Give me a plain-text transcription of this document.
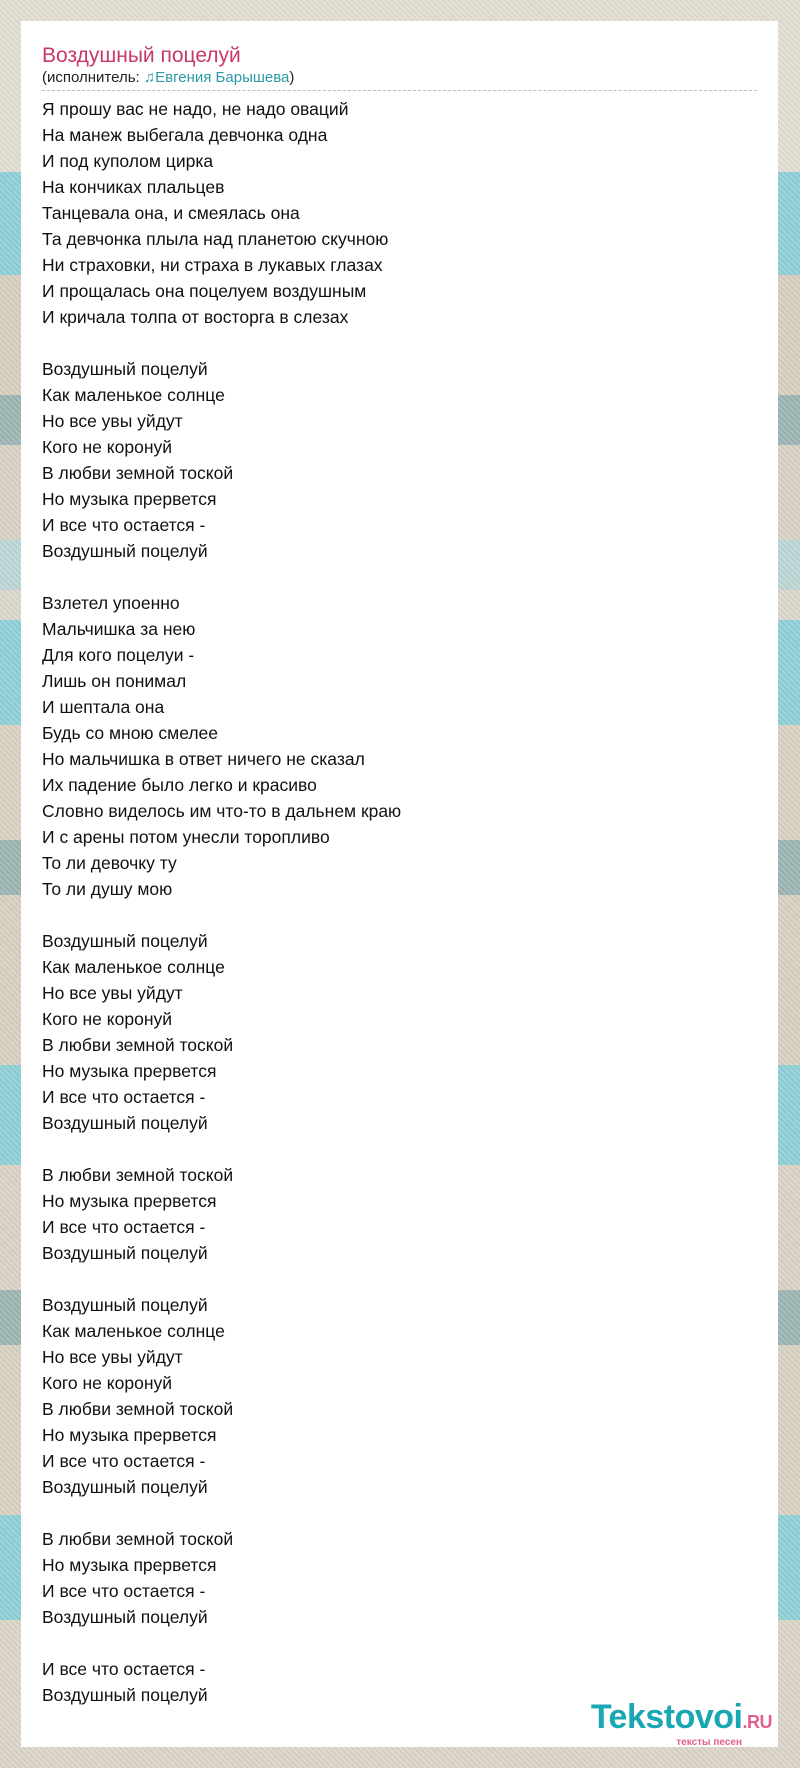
Воздушный поцелуй
(исполнитель: ♫Евгения Барышева)
Я прошу вас не надо, не надо оваций
На манеж выбегала девчонка одна
И под куполом цирка
На кончиках плальцев
Танцевала она, и смеялась она
Та девчонка плыла над планетою скучною
Ни страховки, ни страха в лукавых глазах
И прощалась она поцелуем воздушным
И кричала толпа от восторга в слезах
Воздушный поцелуй
Как маленькое солнце
Но все увы уйдут
Кого не коронуй
В любви земной тоской
Но музыка прервется
И все что остается -
Воздушный поцелуй
Взлетел упоенно
Мальчишка за нею
Для кого поцелуи -
Лишь он понимал
И шептала она
Будь со мною смелее
Но мальчишка в ответ ничего не сказал
Их падение было легко и красиво
Словно виделось им что-то в дальнем краю
И с арены потом унесли торопливо
То ли девочку ту
То ли душу мою
Воздушный поцелуй
Как маленькое солнце
Но все увы уйдут
Кого не коронуй
В любви земной тоской
Но музыка прервется
И все что остается -
Воздушный поцелуй
В любви земной тоской
Но музыка прервется
И все что остается -
Воздушный поцелуй
Воздушный поцелуй
Как маленькое солнце
Но все увы уйдут
Кого не коронуй
В любви земной тоской
Но музыка прервется
И все что остается -
Воздушный поцелуй
В любви земной тоской
Но музыка прервется
И все что остается -
Воздушный поцелуй
И все что остается -
Воздушный поцелуй
Tekstovoi.RU
тексты песен
